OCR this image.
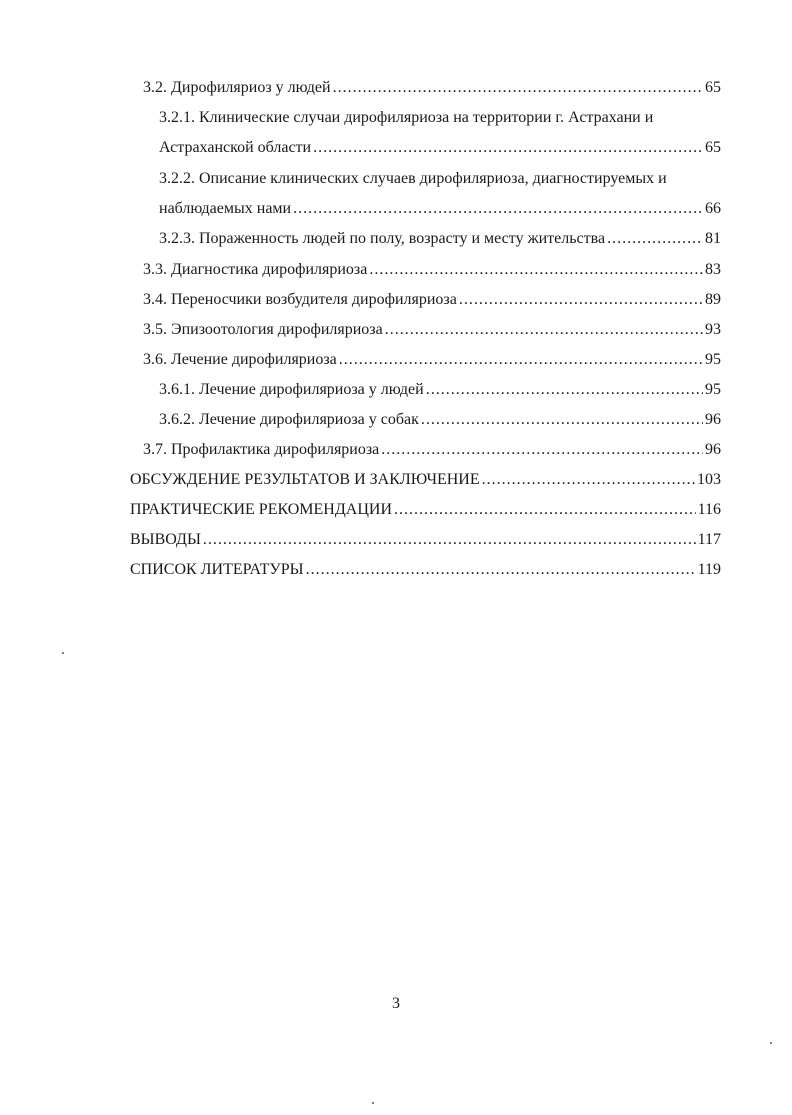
3.2. Дирофиляриоз у людей .....	65
3.2.1. Клинические случаи дирофиляриоза на территории г. Астрахани и
Астраханской области .....	65
3.2.2. Описание клинических случаев дирофиляриоза, диагностируемых и
наблюдаемых нами .....	66
3.2.3. Пораженность людей по полу, возрасту и месту жительства .....	81
3.3. Диагностика дирофиляриоза .....	83
3.4. Переносчики возбудителя дирофиляриоза .....	89
3.5. Эпизоотология дирофиляриоза .....	93
3.6. Лечение дирофиляриоза .....	95
3.6.1. Лечение дирофиляриоза у людей .....	95
3.6.2. Лечение дирофиляриоза у собак .....	96
3.7. Профилактика дирофиляриоза .....	96
ОБСУЖДЕНИЕ РЕЗУЛЬТАТОВ И ЗАКЛЮЧЕНИЕ .....	103
ПРАКТИЧЕСКИЕ РЕКОМЕНДАЦИИ .....	116
ВЫВОДЫ .....	117
СПИСОК ЛИТЕРАТУРЫ .....	119
3
